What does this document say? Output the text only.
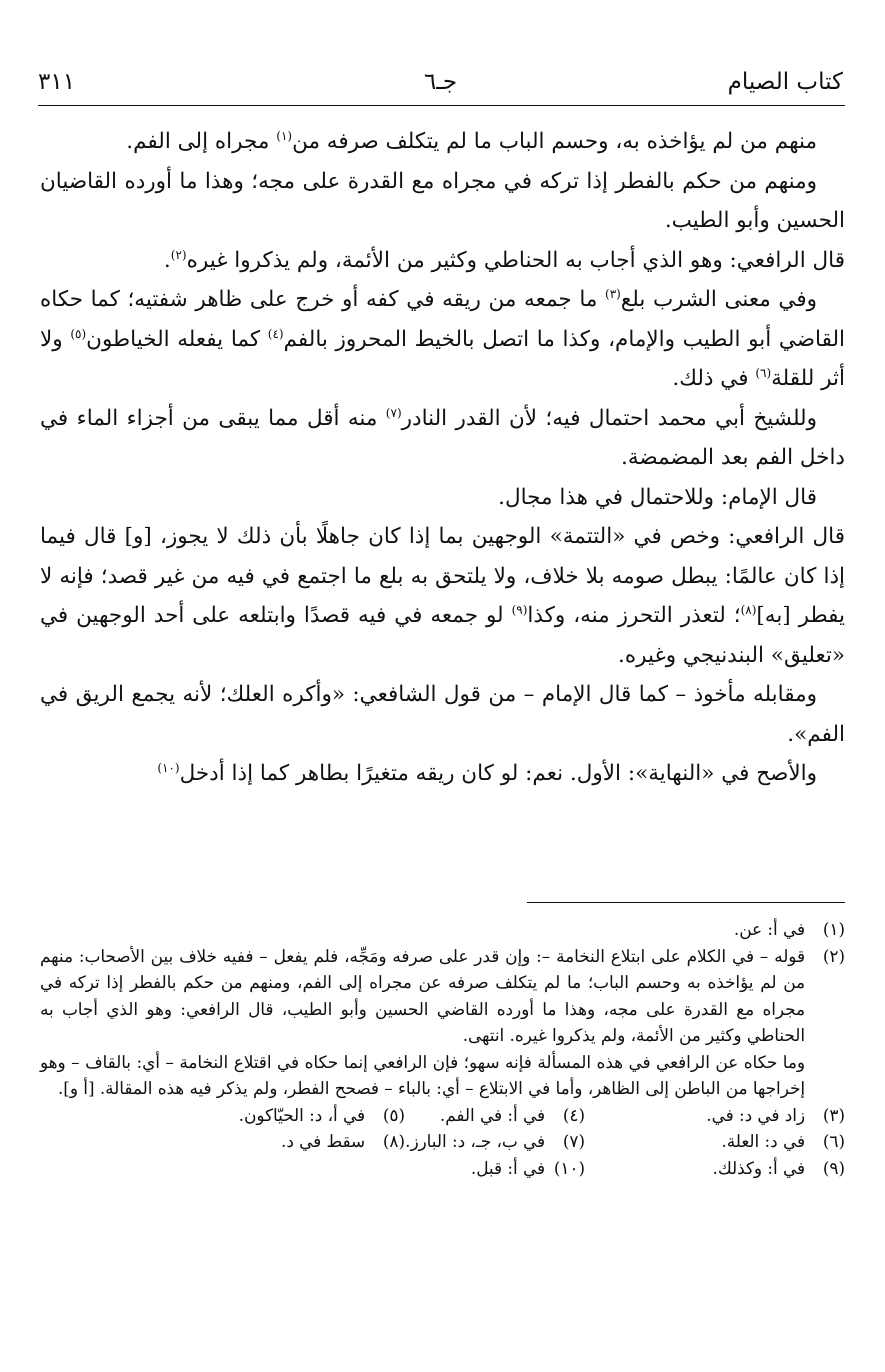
كتاب الصيام
جـ٦
٣١١

منهم من لم يؤاخذه به، وحسم الباب ما لم يتكلف صرفه من$^{(١)}$ مجراه إلى الفم.

ومنهم من حكم بالفطر إذا تركه في مجراه مع القدرة على مجه؛ وهذا ما أورده القاضيان الحسين وأبو الطيب.

قال الرافعي: وهو الذي أجاب به الحناطي وكثير من الأئمة، ولم يذكروا غيره$^{(٢)}$.

وفي معنى الشرب بلع$^{(٣)}$ ما جمعه من ريقه في كفه أو خرج على ظاهر شفتيه؛ كما حكاه القاضي أبو الطيب والإمام، وكذا ما اتصل بالخيط المحروز بالفم$^{(٤)}$ كما يفعله الخياطون$^{(٥)}$ ولا أثر للقلة$^{(٦)}$ في ذلك.

وللشيخ أبي محمد احتمال فيه؛ لأن القدر النادر$^{(٧)}$ منه أقل مما يبقى من أجزاء الماء في داخل الفم بعد المضمضة.

قال الإمام: وللاحتمال في هذا مجال.

قال الرافعي: وخص في «التتمة» الوجهين بما إذا كان جاهلًا بأن ذلك لا يجوز، [و] قال فيما إذا كان عالمًا: يبطل صومه بلا خلاف، ولا يلتحق به بلع ما اجتمع في فيه من غير قصد؛ فإنه لا يفطر [به]$^{(٨)}$؛ لتعذر التحرز منه، وكذا$^{(٩)}$ لو جمعه في فيه قصدًا وابتلعه على أحد الوجهين في «تعليق» البندنيجي وغيره.

ومقابله مأخوذ – كما قال الإمام – من قول الشافعي: «وأكره العلك؛ لأنه يجمع الريق في الفم».

والأصح في «النهاية»: الأول. نعم: لو كان ريقه متغيرًا بطاهر كما إذا أدخل$^{(١٠)}$

(١)
في أ: عن.
(٢)

قوله – في الكلام على ابتلاع النخامة –: وإن قدر على صرفه ومَجِّه، فلم يفعل – ففيه خلاف بين الأصحاب: منهم من لم يؤاخذه به وحسم الباب؛ ما لم يتكلف صرفه عن مجراه إلى الفم، ومنهم من حكم بالفطر إذا تركه في مجراه مع القدرة على مجه، وهذا ما أورده القاضي الحسين وأبو الطيب، قال الرافعي: وهو الذي أجاب به الحناطي وكثير من الأئمة، ولم يذكروا غيره. انتهى.

وما حكاه عن الرافعي في هذه المسألة فإنه سهو؛ فإن الرافعي إنما حكاه في اقتلاع النخامة – أي: بالقاف – وهو إخراجها من الباطن إلى الظاهر، وأما في الابتلاع – أي: بالباء – فصحح الفطر، ولم يذكر فيه هذه المقالة. [أ و].

(٣)
زاد في د: في.
(٤)
في أ: في الفم.
(٥)
في أ، د: الحيّاكون.
(٦)
في د: العلة.
(٧)
في ب، جـ، د: البارز.
(٨)
سقط في د.
(٩)
في أ: وكذلك.
(١٠)
في أ: قبل.
